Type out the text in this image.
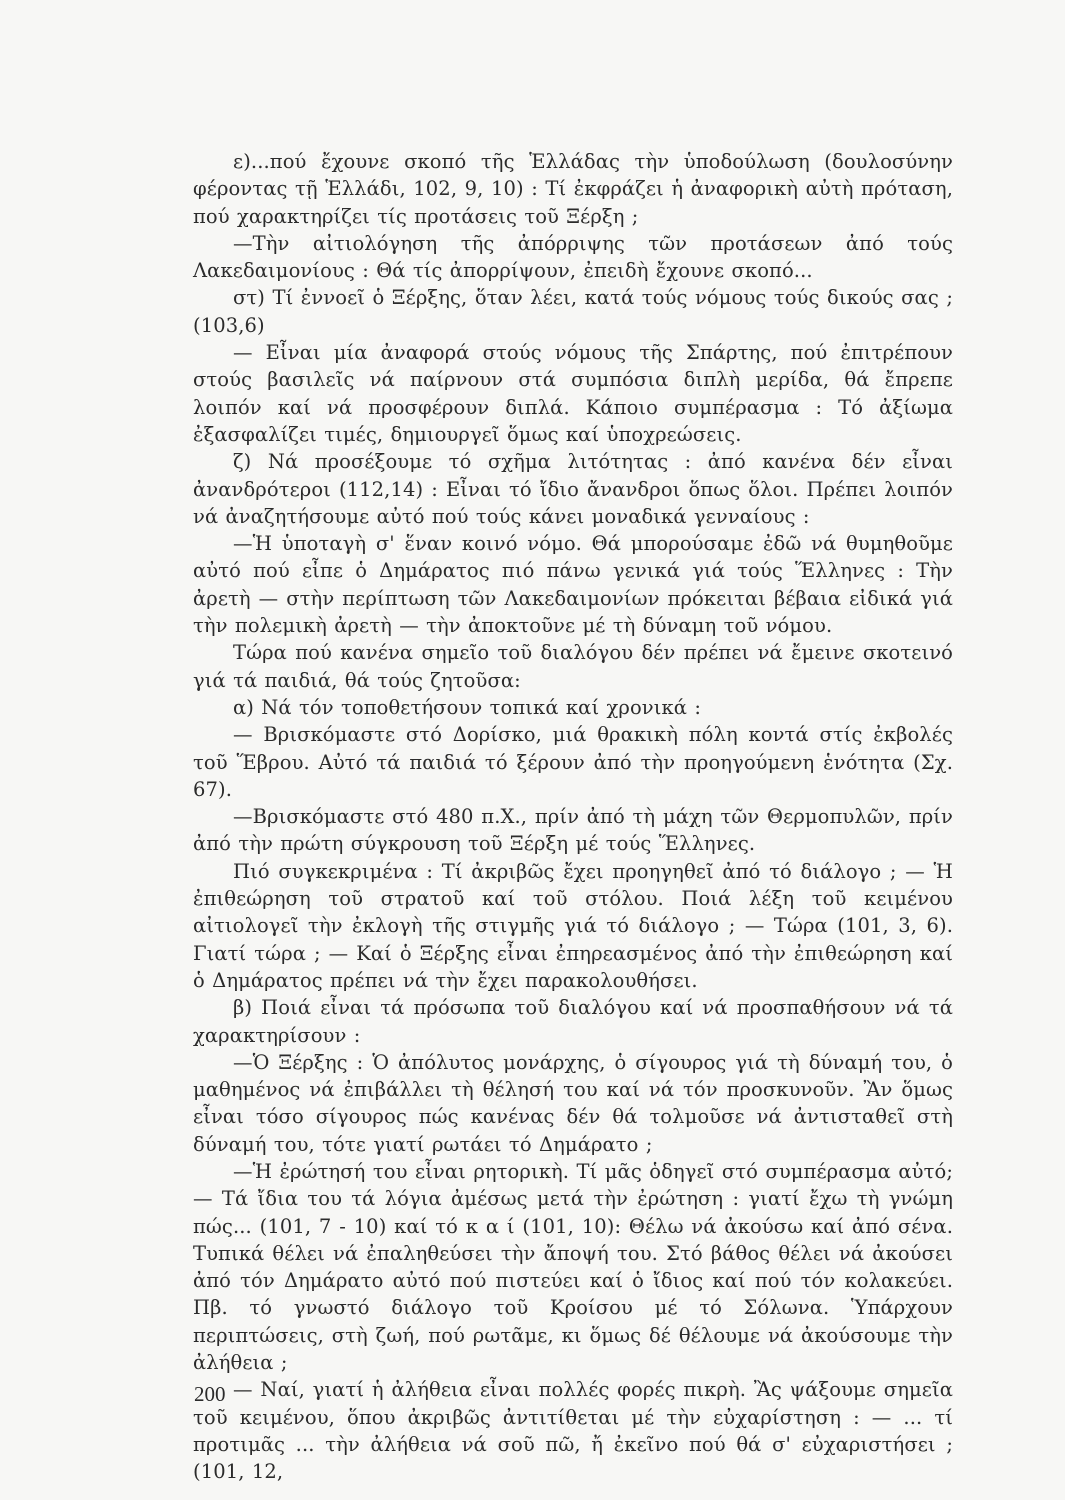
ε)...πού ἔχουνε σκοπό τῆς Ἑλλάδας τὴν ὑποδούλωση (δουλοσύνην φέροντας τῇ Ἑλλάδι, 102, 9, 10) : Τί ἐκφράζει ἡ ἀναφορικὴ αὐτὴ πρόταση, πού χαρακτηρίζει τίς προτάσεις τοῦ Ξέρξη ;

—Τὴν αἰτιολόγηση τῆς ἀπόρριψης τῶν προτάσεων ἀπό τούς Λακεδαιμονίους : Θά τίς ἀπορρίψουν, ἐπειδὴ ἔχουνε σκοπό...

στ) Τί ἐννοεῖ ὁ Ξέρξης, ὅταν λέει, κατά τούς νόμους τούς δικούς σας ; (103,6)

— Εἶναι μία ἀναφορά στούς νόμους τῆς Σπάρτης, πού ἐπιτρέπουν στούς βασιλεῖς νά παίρνουν στά συμπόσια διπλὴ μερίδα, θά ἔπρεπε λοιπόν καί νά προσφέρουν διπλά. Κάποιο συμπέρασμα : Τό ἀξίωμα ἐξασφαλίζει τιμές, δημιουργεῖ ὅμως καί ὑποχρεώσεις.

ζ) Νά προσέξουμε τό σχῆμα λιτότητας : ἀπό κανένα δέν εἶναι ἀνανδρότεροι (112,14) : Εἶναι τό ἴδιο ἄνανδροι ὅπως ὅλοι. Πρέπει λοιπόν νά ἀναζητήσουμε αὐτό πού τούς κάνει μοναδικά γενναίους :

—Ἡ ὑποταγὴ σ' ἕναν κοινό νόμο. Θά μπορούσαμε ἐδῶ νά θυμηθοῦμε αὐτό πού εἶπε ὁ Δημάρατος πιό πάνω γενικά γιά τούς Ἕλληνες : Τὴν ἀρετὴ — στὴν περίπτωση τῶν Λακεδαιμονίων πρόκειται βέβαια εἰδικά γιά τὴν πολεμικὴ ἀρετὴ — τὴν ἀποκτοῦνε μέ τὴ δύναμη τοῦ νόμου.

Τώρα πού κανένα σημεῖο τοῦ διαλόγου δέν πρέπει νά ἔμεινε σκοτεινό γιά τά παιδιά, θά τούς ζητοῦσα:

α) Νά τόν τοποθετήσουν τοπικά καί χρονικά :

— Βρισκόμαστε στό Δορίσκο, μιά θρακικὴ πόλη κοντά στίς ἐκβολές τοῦ Ἕβρου. Αὐτό τά παιδιά τό ξέρουν ἀπό τὴν προηγούμενη ἑνότητα (Σχ. 67).

—Βρισκόμαστε στό 480 π.Χ., πρίν ἀπό τὴ μάχη τῶν Θερμοπυλῶν, πρίν ἀπό τὴν πρώτη σύγκρουση τοῦ Ξέρξη μέ τούς Ἕλληνες.

Πιό συγκεκριμένα : Τί ἀκριβῶς ἔχει προηγηθεῖ ἀπό τό διάλογο ; — Ἡ ἐπιθεώρηση τοῦ στρατοῦ καί τοῦ στόλου. Ποιά λέξη τοῦ κειμένου αἰτιολογεῖ τὴν ἐκλογὴ τῆς στιγμῆς γιά τό διάλογο ; — Τώρα (101, 3, 6). Γιατί τώρα ; — Καί ὁ Ξέρξης εἶναι ἐπηρεασμένος ἀπό τὴν ἐπιθεώρηση καί ὁ Δημάρατος πρέπει νά τὴν ἔχει παρακολουθήσει.

β) Ποιά εἶναι τά πρόσωπα τοῦ διαλόγου καί νά προσπαθήσουν νά τά χαρακτηρίσουν :

—Ὁ Ξέρξης : Ὁ ἀπόλυτος μονάρχης, ὁ σίγουρος γιά τὴ δύναμή του, ὁ μαθημένος νά ἐπιβάλλει τὴ θέλησή του καί νά τόν προσκυνοῦν. Ἂν ὅμως εἶναι τόσο σίγουρος πώς κανένας δέν θά τολμοῦσε νά ἀντισταθεῖ στὴ δύναμή του, τότε γιατί ρωτάει τό Δημάρατο ;

—Ἡ ἐρώτησή του εἶναι ρητορικὴ. Τί μᾶς ὁδηγεῖ στό συμπέρασμα αὐτό; — Τά ἴδια του τά λόγια ἀμέσως μετά τὴν ἐρώτηση : γιατί ἔχω τὴ γνώμη πώς... (101, 7 - 10) καί τό κ α ί (101, 10): Θέλω νά ἀκούσω καί ἀπό σένα. Τυπικά θέλει νά ἐπαληθεύσει τὴν ἄποψή του. Στό βάθος θέλει νά ἀκούσει ἀπό τόν Δημάρατο αὐτό πού πιστεύει καί ὁ ἴδιος καί πού τόν κολακεύει. Πβ. τό γνωστό διάλογο τοῦ Κροίσου μέ τό Σόλωνα. Ὑπάρχουν περιπτώσεις, στὴ ζωή, πού ρωτᾶμε, κι ὅμως δέ θέλουμε νά ἀκούσουμε τὴν ἀλήθεια ;

— Ναί, γιατί ἡ ἀλήθεια εἶναι πολλές φορές πικρὴ. Ἂς ψάξουμε σημεῖα τοῦ κειμένου, ὅπου ἀκριβῶς ἀντιτίθεται μέ τὴν εὐχαρίστηση : — ... τί προτιμᾶς ... τὴν ἀλήθεια νά σοῦ πῶ, ἤ ἐκεῖνο πού θά σ' εὐχαριστήσει ; (101, 12,

200
